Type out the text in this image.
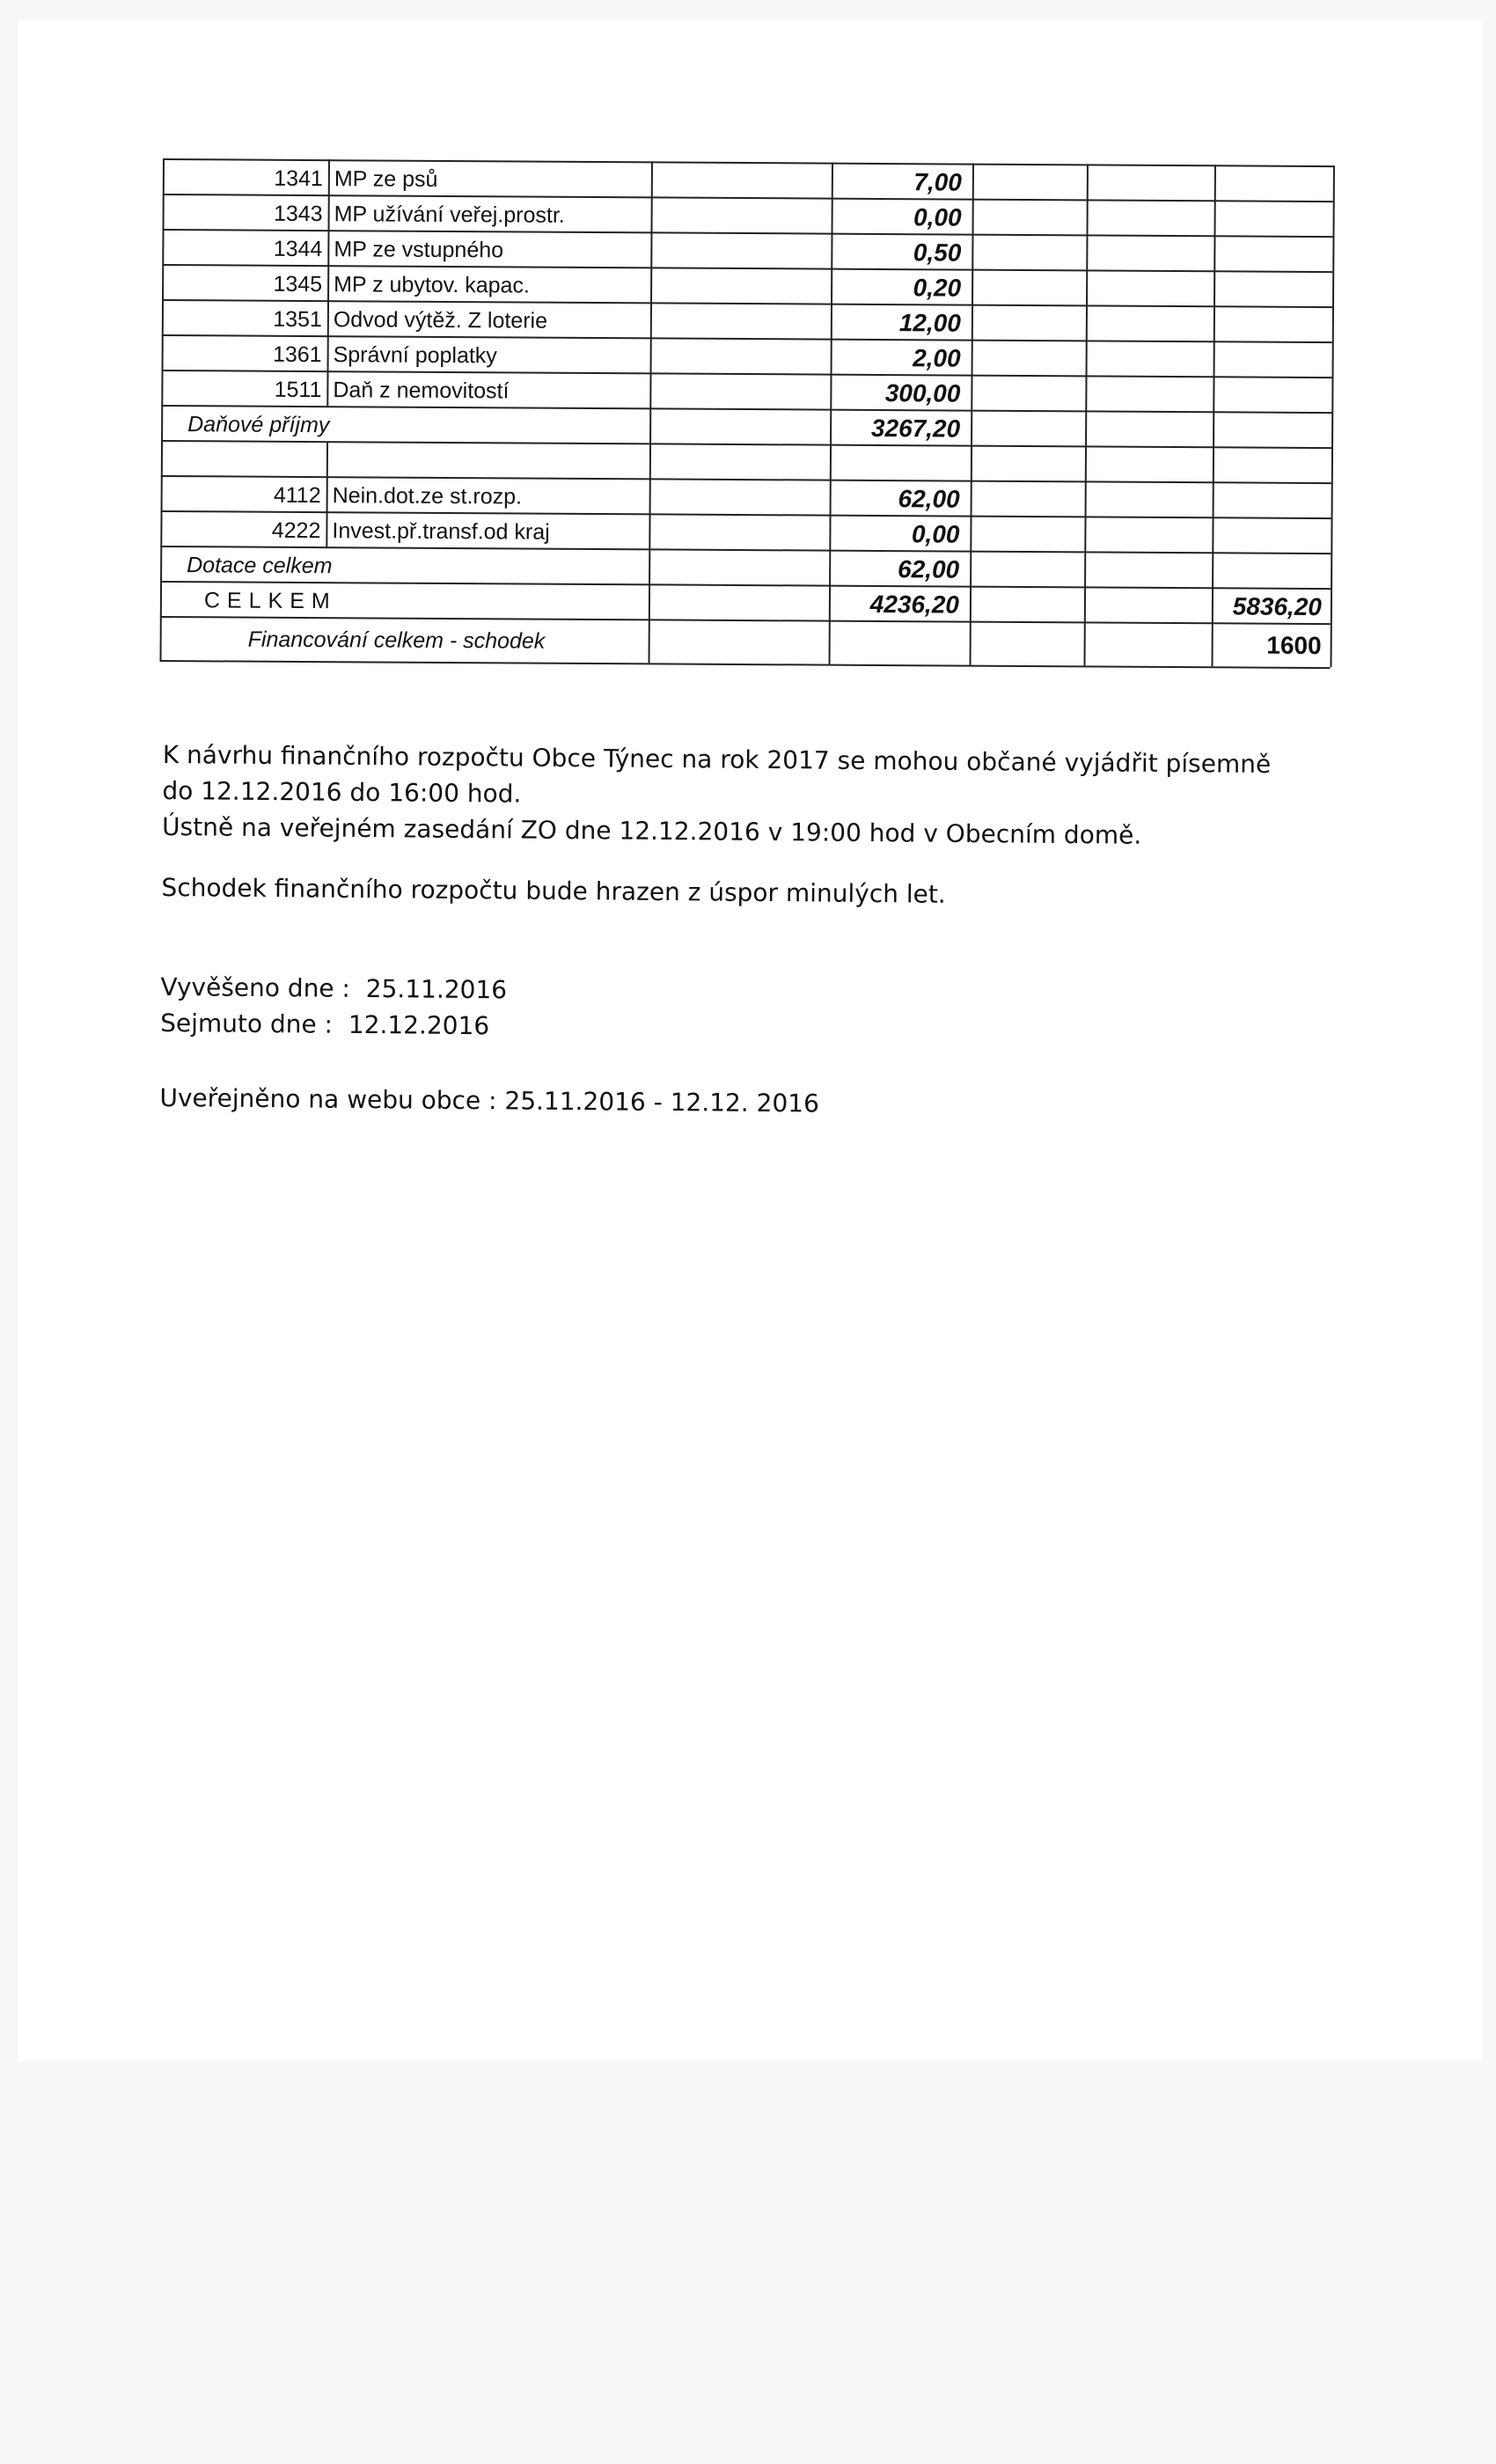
1341 MP ze psů	7,00
1343 MP užívání veřej.prostr.	0,00
1344 MP ze vstupného	0,50
1345 MP z ubytov. kapac.	0,20
1351 Odvod výtěž. Z loterie	12,00
1361 Správní poplatky	2,00
1511 Daň z nemovitostí	300,00
Daňové příjmy	3267,20
4112 Nein.dot.ze st.rozp.	62,00
4222 Invest.př.transf.od kraj	0,00
Dotace celkem	62,00
CELKEM	4236,20	5836,20
Financování celkem - schodek	1600

K návrhu finančního rozpočtu Obce Týnec na rok 2017 se mohou občané vyjádřit písemně

do 12.12.2016 do 16:00 hod.

Ústně na veřejném zasedání ZO dne 12.12.2016 v 19:00 hod v Obecním domě.

Schodek finančního rozpočtu bude hrazen z úspor minulých let.

Vyvěšeno dne :  25.11.2016

Sejmuto dne :  12.12.2016

Uveřejněno na webu obce : 25.11.2016 - 12.12. 2016
